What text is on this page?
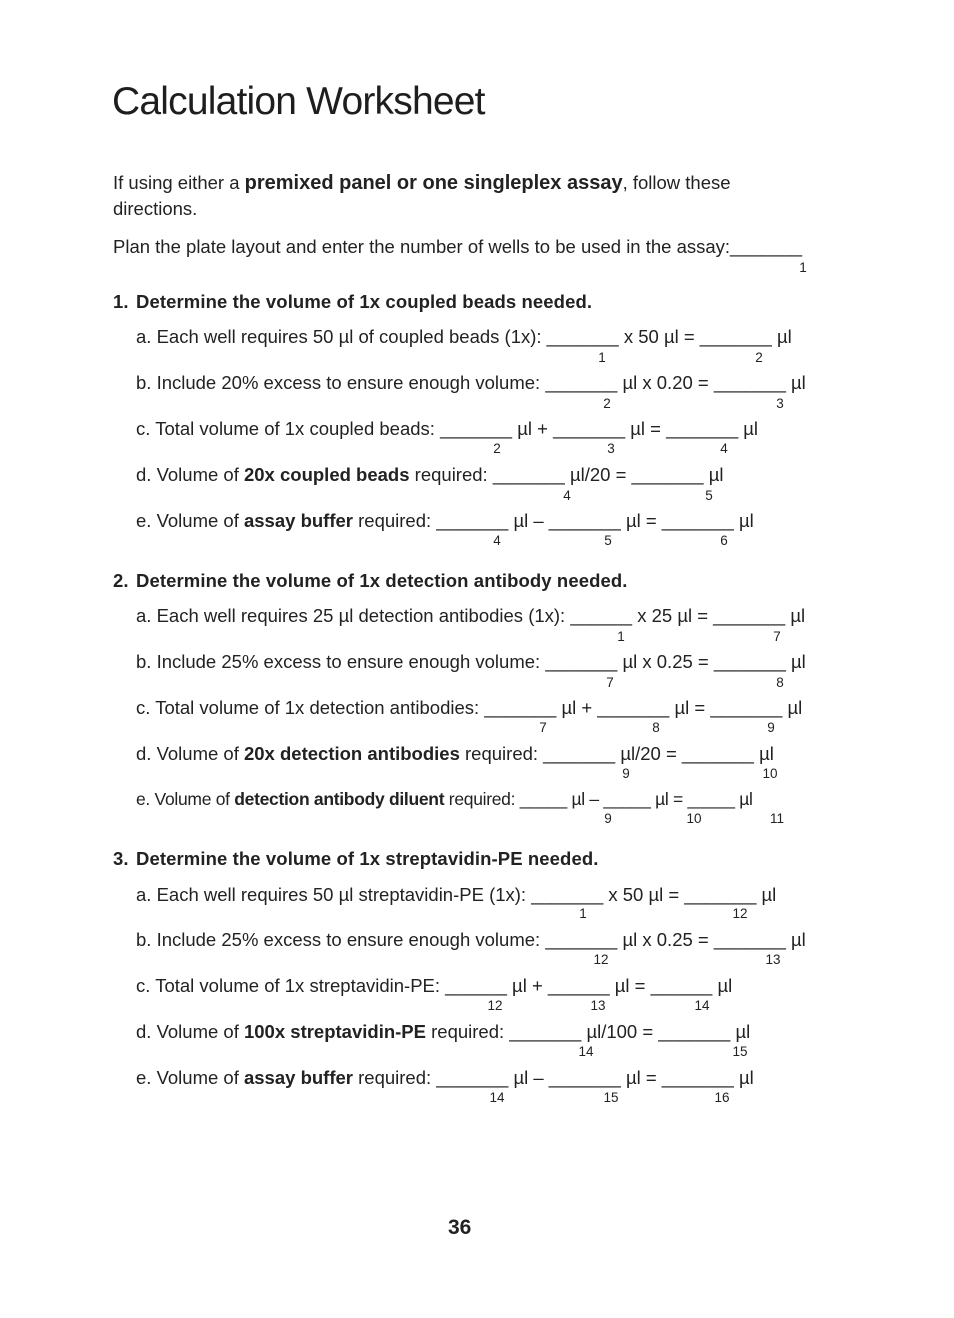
Calculation Worksheet
If using either a premixed panel or one singleplex assay, follow these directions.
Plan the plate layout and enter the number of wells to be used in the assay:_______
1
1. Determine the volume of 1x coupled beads needed.
a. Each well requires 50 µl of coupled beads (1x): _______ x 50 µl = _______ µl
1	2
b. Include 20% excess to ensure enough volume: _______ µl x 0.20 = _______ µl
2	3
c. Total volume of 1x coupled beads: _______ µl + _______ µl = _______ µl
2	3	4
d. Volume of 20x coupled beads required: _______ µl/20 = _______ µl
4	5
e. Volume of assay buffer required: _______ µl – _______ µl = _______ µl
4	5	6
2. Determine the volume of 1x detection antibody needed.
a. Each well requires 25 µl detection antibodies (1x): ______ x 25 µl = _______ µl
1	7
b. Include 25% excess to ensure enough volume: _______ µl x 0.25 = _______ µl
7	8
c. Total volume of 1x detection antibodies: _______ µl + _______ µl = _______ µl
7	8	9
d. Volume of 20x detection antibodies required: _______ µl/20 = _______ µl
9	10
e. Volume of detection antibody diluent required: _____ µl – _____ µl = _____ µl
9	10	11
3. Determine the volume of 1x streptavidin-PE needed.
a. Each well requires 50 µl streptavidin-PE (1x): _______ x 50 µl = _______ µl
1	12
b. Include 25% excess to ensure enough volume: _______ µl x 0.25 = _______ µl
12	13
c. Total volume of 1x streptavidin-PE: ______ µl + ______ µl = ______ µl
12	13	14
d. Volume of 100x streptavidin-PE required: _______ µl/100 = _______ µl
14	15
e. Volume of assay buffer required: _______ µl – _______ µl = _______ µl
14	15	16
36
